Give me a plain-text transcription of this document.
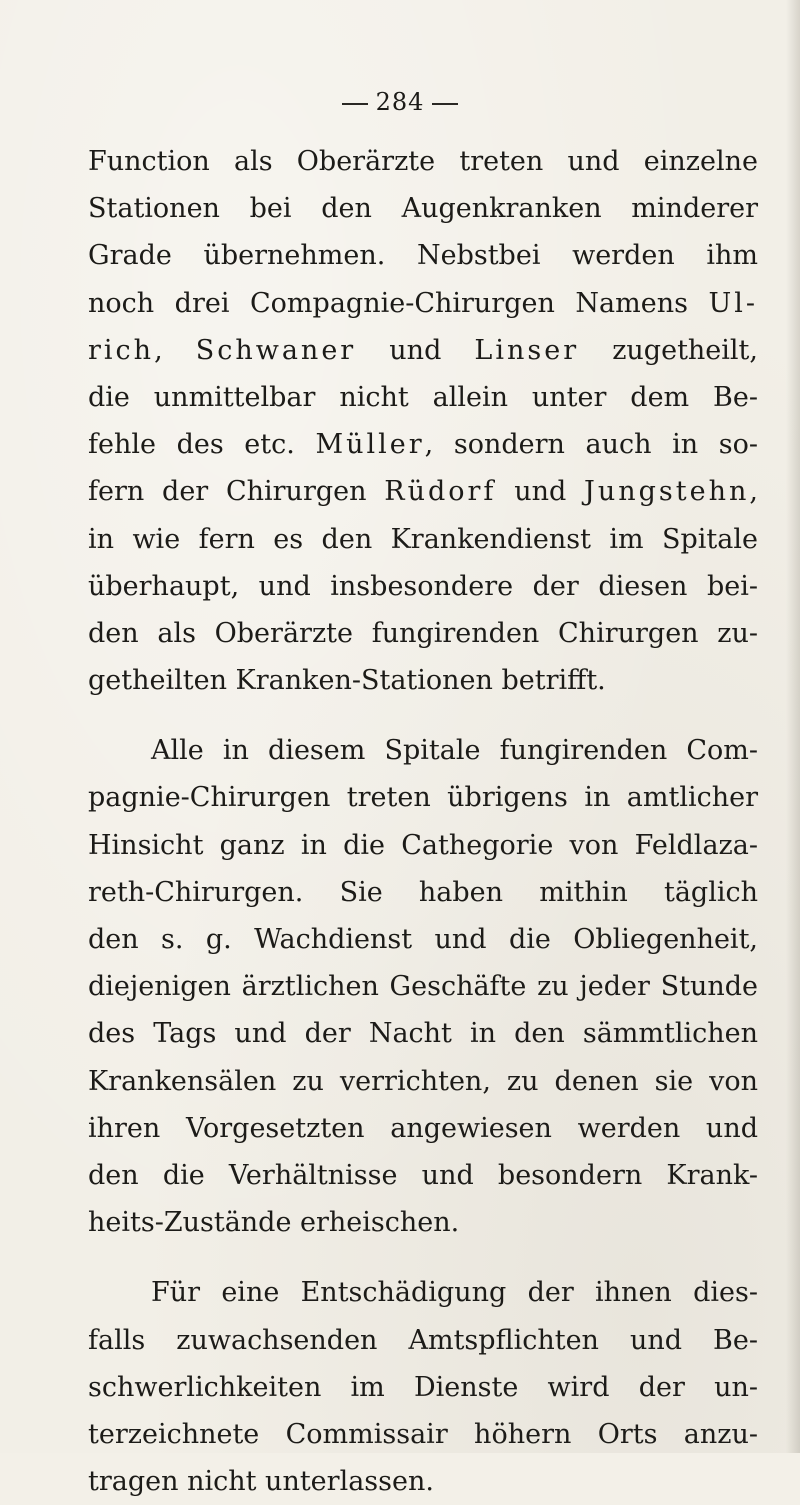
284
Function als Oberärzte treten und einzelne
Stationen bei den Augenkranken minderer
Grade übernehmen. Nebstbei werden ihm
noch drei Compagnie-Chirurgen Namens Ul-
rich, Schwaner und Linser zugetheilt,
die unmittelbar nicht allein unter dem Be-
fehle des etc. Müller, sondern auch in so-
fern der Chirurgen Rüdorf und Jungstehn,
in wie fern es den Krankendienst im Spitale
überhaupt, und insbesondere der diesen bei-
den als Oberärzte fungirenden Chirurgen zu-
getheilten Kranken-Stationen betrifft.
Alle in diesem Spitale fungirenden Com-
pagnie-Chirurgen treten übrigens in amtlicher
Hinsicht ganz in die Cathegorie von Feldlaza-
reth-Chirurgen. Sie haben mithin täglich
den s. g. Wachdienst und die Obliegenheit,
diejenigen ärztlichen Geschäfte zu jeder Stunde
des Tags und der Nacht in den sämmtlichen
Krankensälen zu verrichten, zu denen sie von
ihren Vorgesetzten angewiesen werden und
den die Verhältnisse und besondern Krank-
heits-Zustände erheischen.
Für eine Entschädigung der ihnen dies-
falls zuwachsenden Amtspflichten und Be-
schwerlichkeiten im Dienste wird der un-
terzeichnete Commissair höhern Orts anzu-
tragen nicht unterlassen.
